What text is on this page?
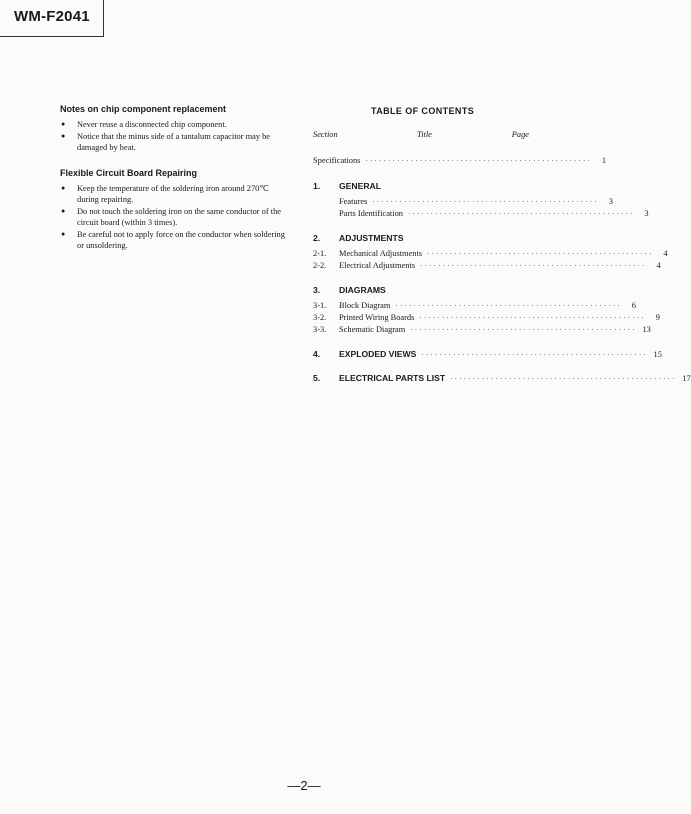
WM-F2041

Notes on chip component replacement

● Never reuse a disconnected chip component.
● Notice that the minus side of a tantalum capacitor may be damaged by heat.

Flexible Circuit Board Repairing

● Keep the temperature of the soldering iron around 270℃ during repairing.
● Do not touch the soldering iron on the same conductor of the circuit board (within 3 times).
● Be careful not to apply force on the conductor when soldering or unsoldering.
TABLE OF CONTENTS
Section	Title	Page
Specifications ··················································	1
1.	GENERAL
Features ··················································	3
Parts Identification ··················································	3
2.	ADJUSTMENTS
2-1.	Mechanical Adjustments ··················································	4
2-2.	Electrical Adjustments ··················································	4
3.	DIAGRAMS
3-1.	Block Diagram ··················································	6
3-2.	Printed Wiring Boards ··················································	9
3-3.	Schematic Diagram ·················································· 13
4.	EXPLODED VIEWS ·················································· 15
5.	ELECTRICAL PARTS LIST ·················································· 17
—2—
